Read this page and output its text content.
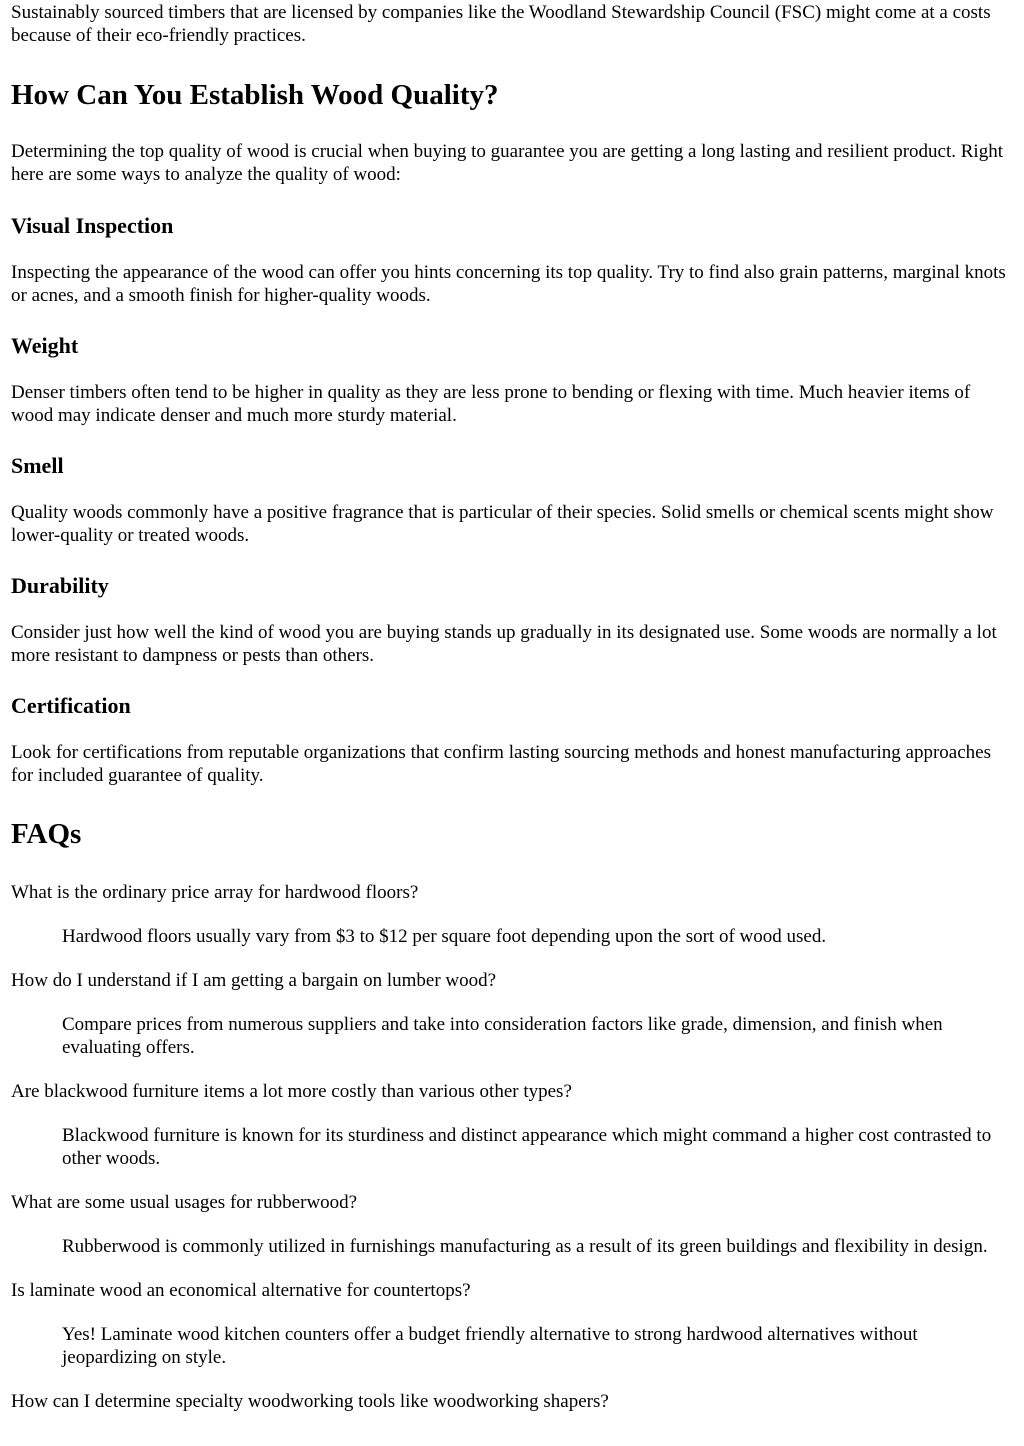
Sustainably sourced timbers that are licensed by companies like the Woodland Stewardship Council (FSC) might come at a costs because of their eco-friendly practices.

How Can You Establish Wood Quality?

Determining the top quality of wood is crucial when buying to guarantee you are getting a long lasting and resilient product. Right here are some ways to analyze the quality of wood:

Visual Inspection

Inspecting the appearance of the wood can offer you hints concerning its top quality. Try to find also grain patterns, marginal knots or acnes, and a smooth finish for higher-quality woods.

Weight

Denser timbers often tend to be higher in quality as they are less prone to bending or flexing with time. Much heavier items of wood may indicate denser and much more sturdy material.

Smell

Quality woods commonly have a positive fragrance that is particular of their species. Solid smells or chemical scents might show lower-quality or treated woods.

Durability

Consider just how well the kind of wood you are buying stands up gradually in its designated use. Some woods are normally a lot more resistant to dampness or pests than others.

Certification

Look for certifications from reputable organizations that confirm lasting sourcing methods and honest manufacturing approaches for included guarantee of quality.

FAQs
What is the ordinary price array for hardwood floors?
Hardwood floors usually vary from $3 to $12 per square foot depending upon the sort of wood used.
How do I understand if I am getting a bargain on lumber wood?
Compare prices from numerous suppliers and take into consideration factors like grade, dimension, and finish when evaluating offers.
Are blackwood furniture items a lot more costly than various other types?
Blackwood furniture is known for its sturdiness and distinct appearance which might command a higher cost contrasted to other woods.
What are some usual usages for rubberwood?
Rubberwood is commonly utilized in furnishings manufacturing as a result of its green buildings and flexibility in design.
Is laminate wood an economical alternative for countertops?
Yes! Laminate wood kitchen counters offer a budget friendly alternative to strong hardwood alternatives without jeopardizing on style.
How can I determine specialty woodworking tools like woodworking shapers?
